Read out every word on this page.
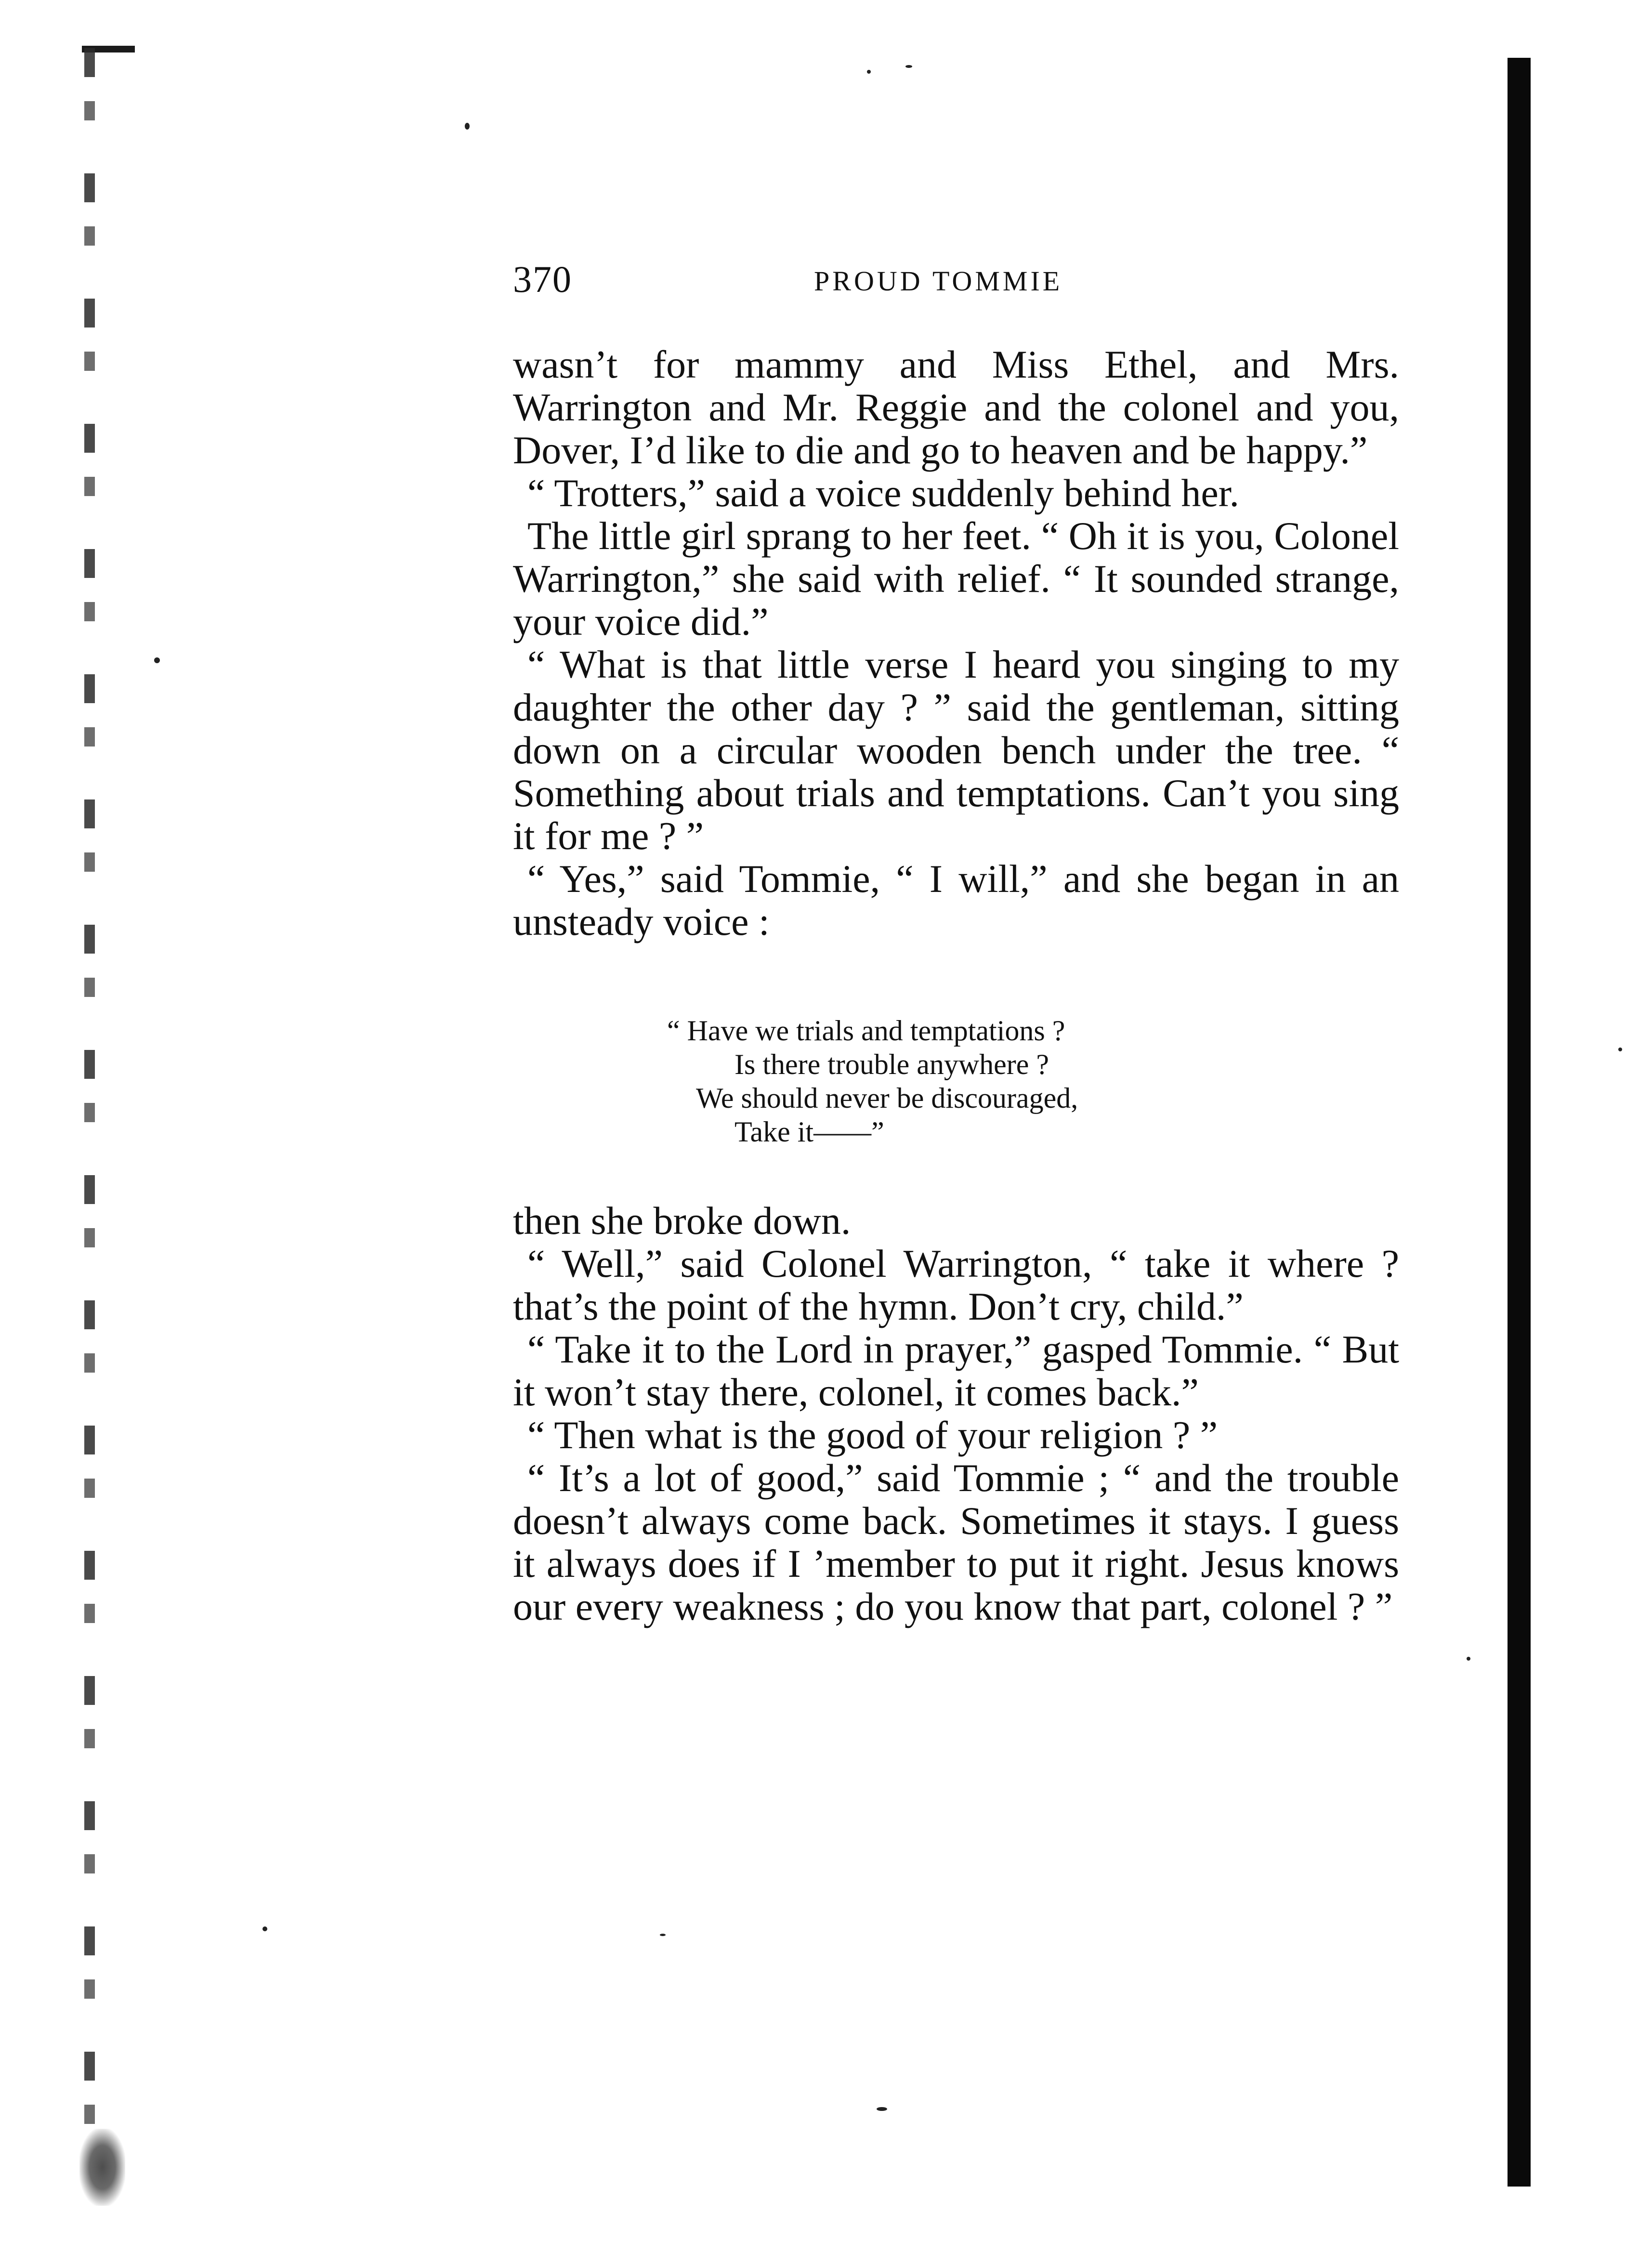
370	PROUD TOMMIE

wasn’t for mammy and Miss Ethel, and Mrs. Warrington and Mr. Reggie and the colonel and you, Dover, I’d like to die and go to heaven and be happy.”

“ Trotters,” said a voice suddenly behind her.

The little girl sprang to her feet. “ Oh it is you, Colonel Warrington,” she said with relief. “ It sounded strange, your voice did.”

“ What is that little verse I heard you singing to my daughter the other day ? ” said the gentleman, sitting down on a circular wooden bench under the tree. “ Something about trials and temptations. Can’t you sing it for me ? ”

“ Yes,” said Tommie, “ I will,” and she began in an unsteady voice :

“ Have we trials and temptations ?
Is there trouble anywhere ?
We should never be discouraged,
Take it——”

then she broke down.

“ Well,” said Colonel Warrington, “ take it where ? that’s the point of the hymn. Don’t cry, child.”

“ Take it to the Lord in prayer,” gasped Tommie. “ But it won’t stay there, colonel, it comes back.”

“ Then what is the good of your religion ? ”

“ It’s a lot of good,” said Tommie ; “ and the trouble doesn’t always come back. Sometimes it stays. I guess it always does if I ’member to put it right. Jesus knows our every weakness ; do you know that part, colonel ? ”
